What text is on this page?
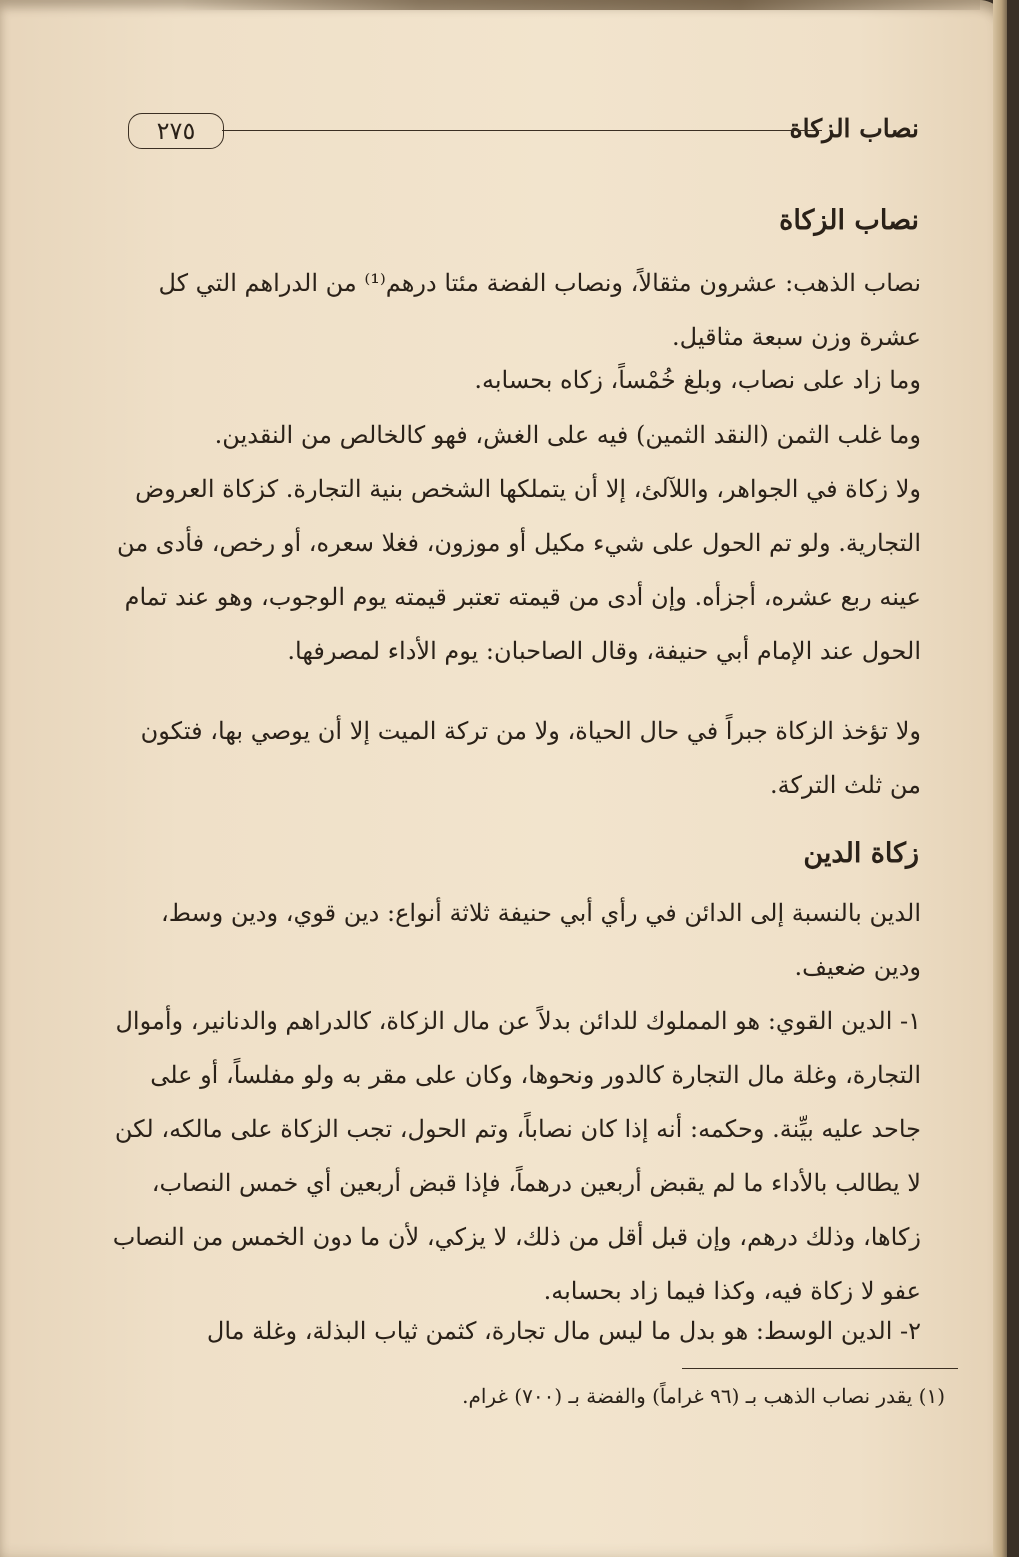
نصاب الزكاة
٢٧٥
نصاب الزكاة
نصاب الذهب: عشرون مثقالاً، ونصاب الفضة مئتا درهم⁽¹⁾ من الدراهم التي كل عشرة وزن سبعة مثاقيل.
وما زاد على نصاب، وبلغ خُمْساً، زكاه بحسابه.
وما غلب الثمن (النقد الثمين) فيه على الغش، فهو كالخالص من النقدين.
ولا زكاة في الجواهر، واللآلئ، إلا أن يتملكها الشخص بنية التجارة. كزكاة العروض التجارية. ولو تم الحول على شيء مكيل أو موزون، فغلا سعره، أو رخص، فأدى من عينه ربع عشره، أجزأه. وإن أدى من قيمته تعتبر قيمته يوم الوجوب، وهو عند تمام الحول عند الإمام أبي حنيفة، وقال الصاحبان: يوم الأداء لمصرفها.
ولا تؤخذ الزكاة جبراً في حال الحياة، ولا من تركة الميت إلا أن يوصي بها، فتكون من ثلث التركة.
زكاة الدين
الدين بالنسبة إلى الدائن في رأي أبي حنيفة ثلاثة أنواع: دين قوي، ودين وسط، ودين ضعيف.
١- الدين القوي: هو المملوك للدائن بدلاً عن مال الزكاة، كالدراهم والدنانير، وأموال التجارة، وغلة مال التجارة كالدور ونحوها، وكان على مقر به ولو مفلساً، أو على جاحد عليه بيِّنة. وحكمه: أنه إذا كان نصاباً، وتم الحول، تجب الزكاة على مالكه، لكن لا يطالب بالأداء ما لم يقبض أربعين درهماً، فإذا قبض أربعين أي خمس النصاب، زكاها، وذلك درهم، وإن قبل أقل من ذلك، لا يزكي، لأن ما دون الخمس من النصاب عفو لا زكاة فيه، وكذا فيما زاد بحسابه.
٢- الدين الوسط: هو بدل ما ليس مال تجارة، كثمن ثياب البذلة، وغلة مال
(١) يقدر نصاب الذهب بـ (٩٦ غراماً) والفضة بـ (٧٠٠) غرام.
